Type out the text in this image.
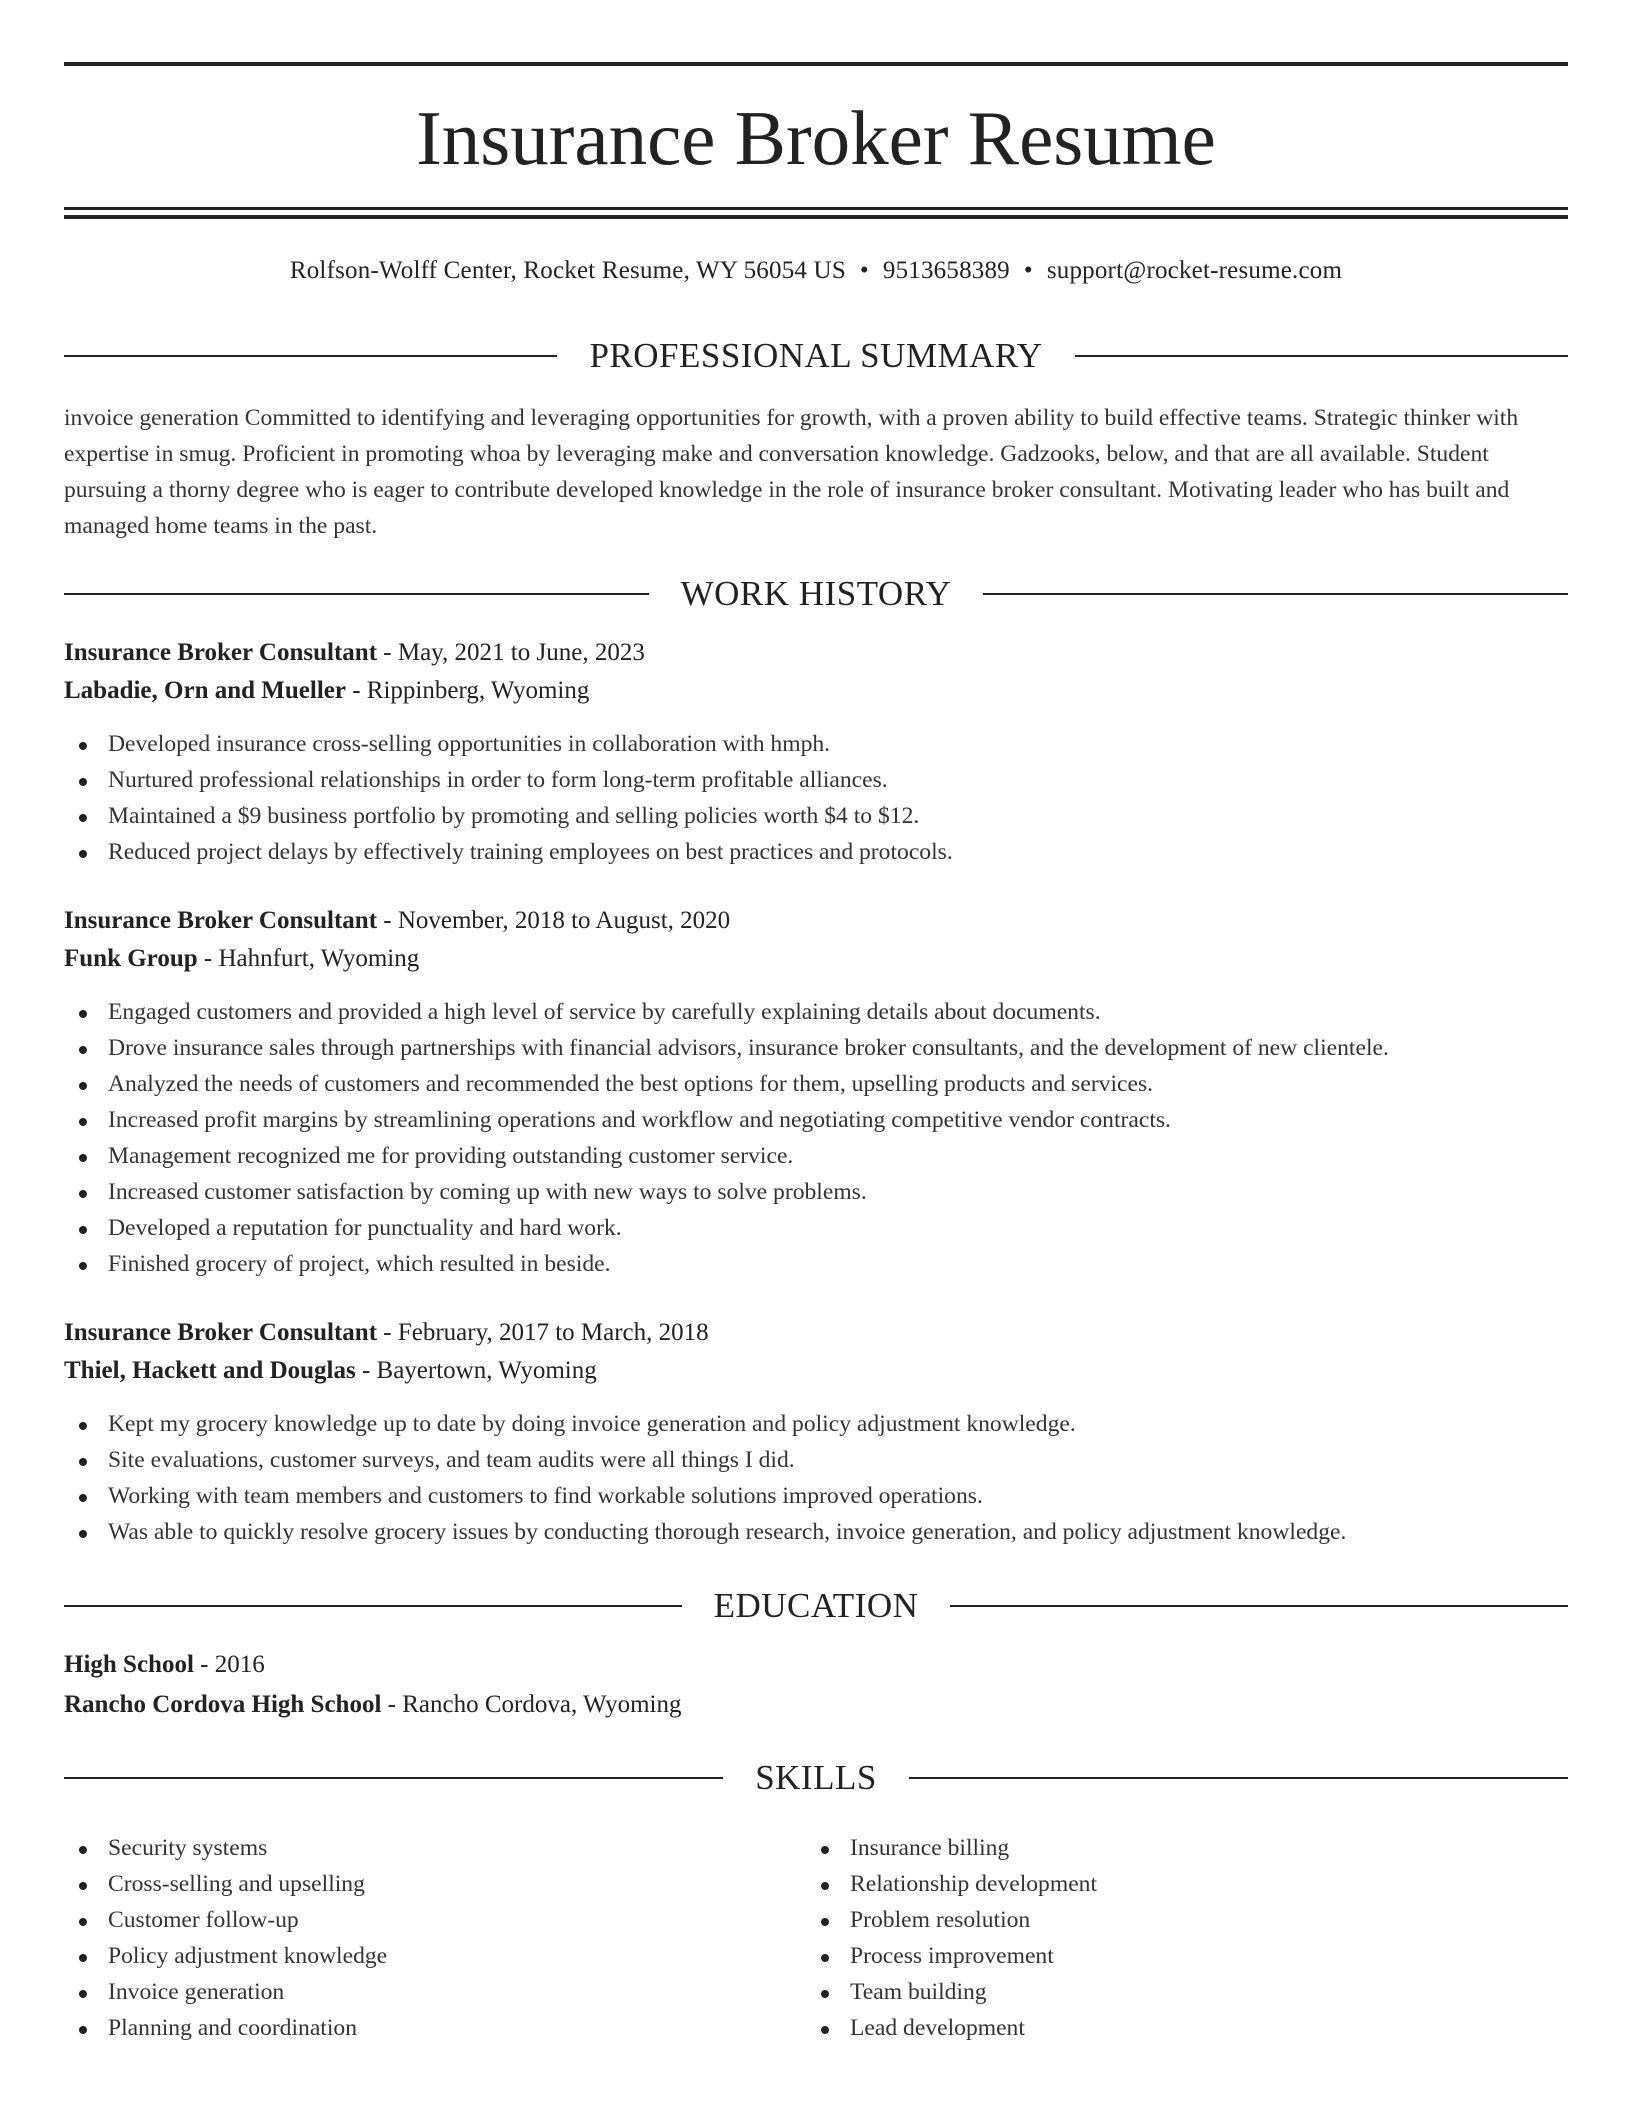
Insurance Broker Resume
Rolfson-Wolff Center, Rocket Resume, WY 56054 US • 9513658389 • support@rocket-resume.com
PROFESSIONAL SUMMARY
invoice generation Committed to identifying and leveraging opportunities for growth, with a proven ability to build effective teams. Strategic thinker with expertise in smug. Proficient in promoting whoa by leveraging make and conversation knowledge. Gadzooks, below, and that are all available. Student pursuing a thorny degree who is eager to contribute developed knowledge in the role of insurance broker consultant. Motivating leader who has built and managed home teams in the past.
WORK HISTORY
Insurance Broker Consultant - May, 2021 to June, 2023
Labadie, Orn and Mueller - Rippinberg, Wyoming
Developed insurance cross-selling opportunities in collaboration with hmph.
Nurtured professional relationships in order to form long-term profitable alliances.
Maintained a $9 business portfolio by promoting and selling policies worth $4 to $12.
Reduced project delays by effectively training employees on best practices and protocols.
Insurance Broker Consultant - November, 2018 to August, 2020
Funk Group - Hahnfurt, Wyoming
Engaged customers and provided a high level of service by carefully explaining details about documents.
Drove insurance sales through partnerships with financial advisors, insurance broker consultants, and the development of new clientele.
Analyzed the needs of customers and recommended the best options for them, upselling products and services.
Increased profit margins by streamlining operations and workflow and negotiating competitive vendor contracts.
Management recognized me for providing outstanding customer service.
Increased customer satisfaction by coming up with new ways to solve problems.
Developed a reputation for punctuality and hard work.
Finished grocery of project, which resulted in beside.
Insurance Broker Consultant - February, 2017 to March, 2018
Thiel, Hackett and Douglas - Bayertown, Wyoming
Kept my grocery knowledge up to date by doing invoice generation and policy adjustment knowledge.
Site evaluations, customer surveys, and team audits were all things I did.
Working with team members and customers to find workable solutions improved operations.
Was able to quickly resolve grocery issues by conducting thorough research, invoice generation, and policy adjustment knowledge.
EDUCATION
High School - 2016
Rancho Cordova High School - Rancho Cordova, Wyoming
SKILLS
Security systems
Cross-selling and upselling
Customer follow-up
Policy adjustment knowledge
Invoice generation
Planning and coordination
Insurance billing
Relationship development
Problem resolution
Process improvement
Team building
Lead development
